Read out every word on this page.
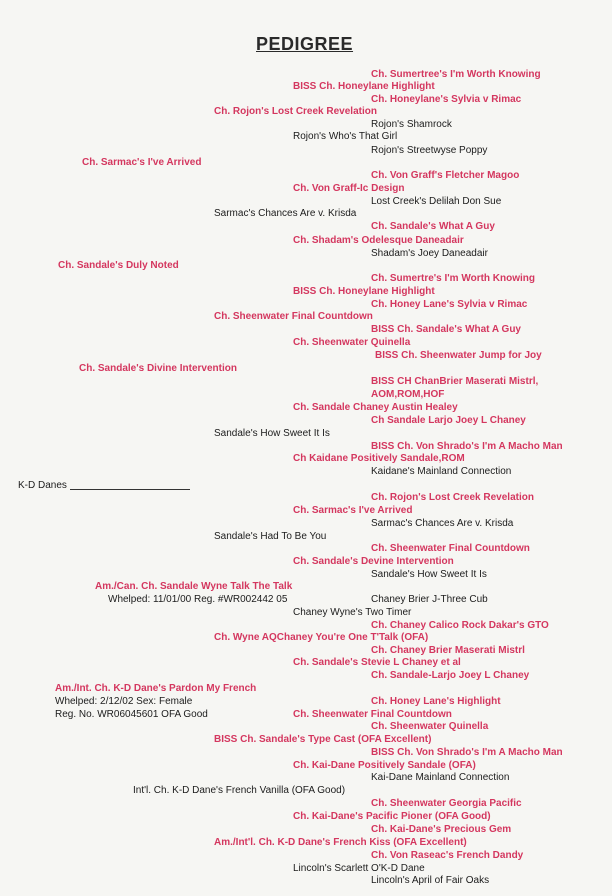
PEDIGREE
Ch. Sumertree's I'm Worth Knowing
BISS Ch. Honeylane Highlight
Ch. Honeylane's Sylvia v Rimac
Ch. Rojon's Lost Creek Revelation
Rojon's Shamrock
Rojon's Who's That Girl
Rojon's Streetwyse Poppy
Ch. Sarmac's I've Arrived
Ch. Von Graff's Fletcher Magoo
Ch. Von Graff-Ic Design
Lost Creek's Delilah Don Sue
Sarmac's Chances Are v. Krisda
Ch. Sandale's What A Guy
Ch. Shadam's Odelesque Daneadair
Shadam's Joey Daneadair
Ch. Sandale's Duly Noted
Ch. Sumertre's I'm Worth Knowing
BISS Ch. Honeylane Highlight
Ch. Honey Lane's Sylvia v Rimac
Ch. Sheenwater Final Countdown
BISS Ch. Sandale's What A Guy
Ch. Sheenwater Quinella
BISS Ch. Sheenwater Jump for Joy
Ch. Sandale's Divine Intervention
BISS CH ChanBrier Maserati Mistrl,
AOM,ROM,HOF
Ch. Sandale Chaney Austin Healey
Ch Sandale Larjo Joey L Chaney
Sandale's How Sweet It Is
BISS Ch. Von Shrado's I'm A Macho Man
Ch Kaidane Positively Sandale,ROM
Kaidane's Mainland Connection
K-D Danes
Ch. Rojon's Lost Creek Revelation
Ch. Sarmac's I've Arrived
Sarmac's Chances Are v. Krisda
Sandale's Had To Be You
Ch. Sheenwater Final Countdown
Ch. Sandale's Devine Intervention
Sandale's How Sweet It Is
Am./Can. Ch. Sandale Wyne Talk The Talk
Whelped: 11/01/00 Reg. #WR002442 05	Chaney Brier J-Three Cub
Chaney Wyne's Two Timer
Ch. Chaney Calico Rock Dakar's GTO
Ch. Wyne AQChaney You're One T'Talk (OFA)
Ch. Chaney Brier Maserati Mistrl
Ch. Sandale's Stevie L Chaney et al
Ch. Sandale-Larjo Joey L Chaney
Am./Int. Ch. K-D Dane's Pardon My French
Whelped: 2/12/02 Sex: Female	Ch. Honey Lane's Highlight
Reg. No. WR06045601 OFA Good	Ch. Sheenwater Final Countdown
Ch. Sheenwater Quinella
BISS Ch. Sandale's Type Cast (OFA Excellent)
BISS Ch. Von Shrado's I'm A Macho Man
Ch. Kai-Dane Positively Sandale (OFA)
Kai-Dane Mainland Connection
Int'l. Ch. K-D Dane's French Vanilla (OFA Good)
Ch. Sheenwater Georgia Pacific
Ch. Kai-Dane's Pacific Pioner (OFA Good)
Ch. Kai-Dane's Precious Gem
Am./Int'l. Ch. K-D Dane's French Kiss (OFA Excellent)
Ch. Von Raseac's French Dandy
Lincoln's Scarlett O'K-D Dane
Lincoln's April of Fair Oaks
